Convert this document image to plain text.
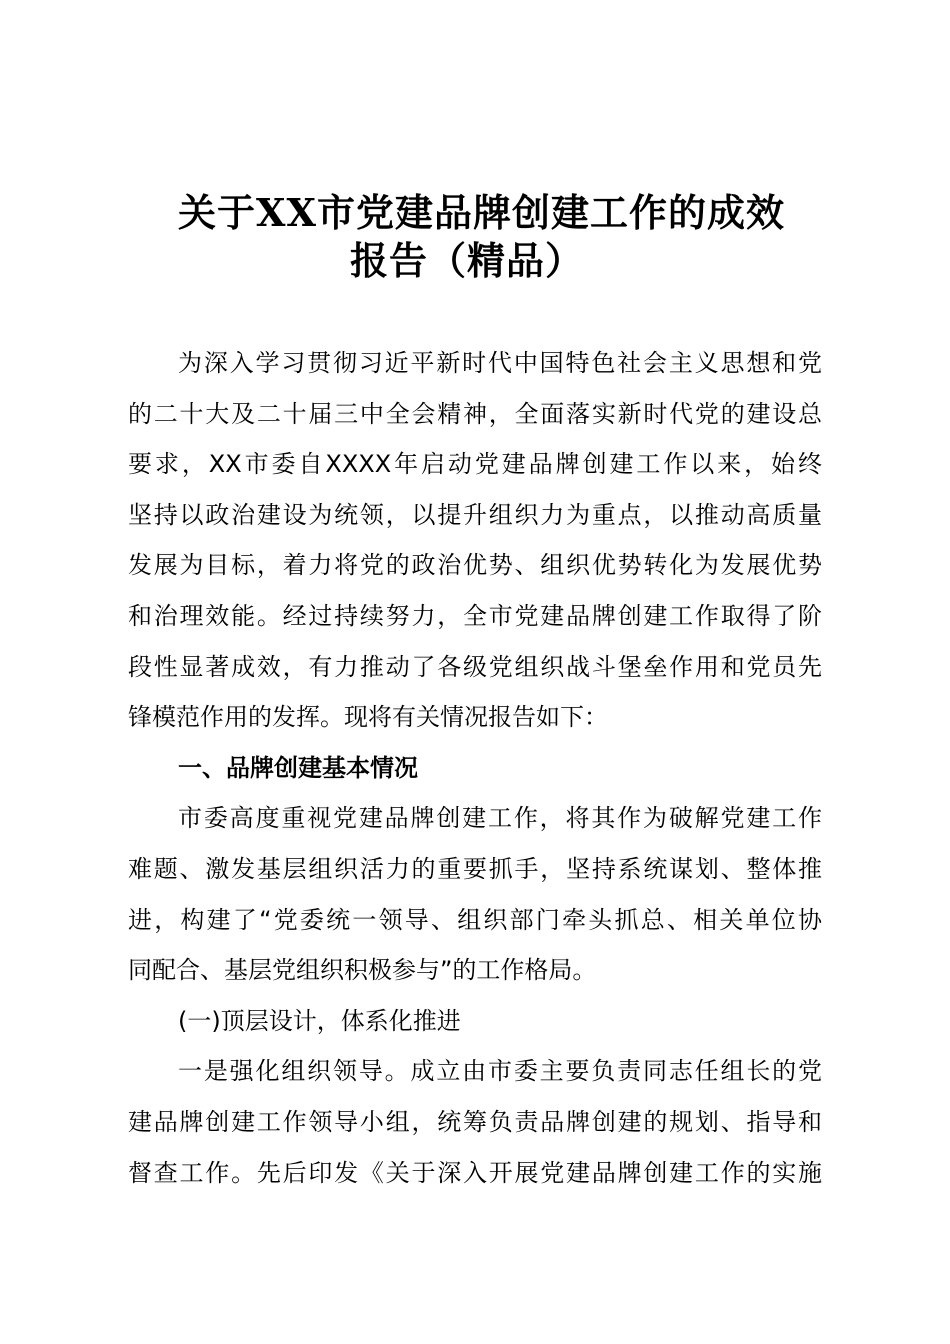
关于XX市党建品牌创建工作的成效
报告（精品）
为深入学习贯彻习近平新时代中国特色社会主义思想和党
的二十大及二十届三中全会精神，全面落实新时代党的建设总
要求，XX市委自XXXX年启动党建品牌创建工作以来，始终
坚持以政治建设为统领，以提升组织力为重点，以推动高质量
发展为目标，着力将党的政治优势、组织优势转化为发展优势
和治理效能。经过持续努力，全市党建品牌创建工作取得了阶
段性显著成效，有力推动了各级党组织战斗堡垒作用和党员先
锋模范作用的发挥。现将有关情况报告如下：
一、品牌创建基本情况
市委高度重视党建品牌创建工作，将其作为破解党建工作
难题、激发基层组织活力的重要抓手，坚持系统谋划、整体推
进，构建了“党委统一领导、组织部门牵头抓总、相关单位协
同配合、基层党组织积极参与”的工作格局。
(一)顶层设计，体系化推进
一是强化组织领导。成立由市委主要负责同志任组长的党
建品牌创建工作领导小组，统筹负责品牌创建的规划、指导和
督查工作。先后印发《关于深入开展党建品牌创建工作的实施
